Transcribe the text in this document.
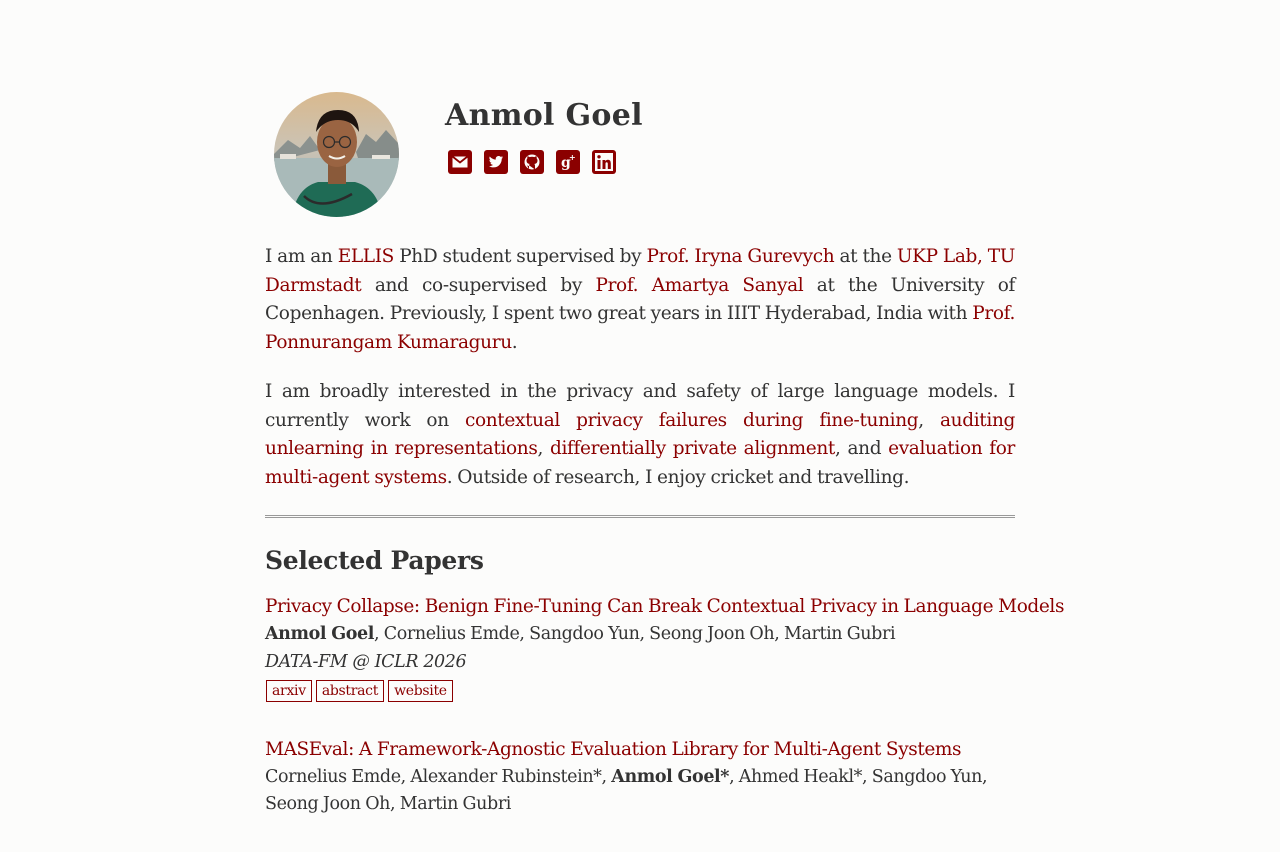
Anmol Goel
g
+

I am an ELLIS PhD student supervised by Prof. Iryna Gurevych at the UKP Lab, TU Darmstadt and co-supervised by Prof. Amartya Sanyal at the University of Copenhagen. Previously, I spent two great years in IIIT Hyderabad, India with Prof. Ponnurangam Kumaraguru.

I am broadly interested in the privacy and safety of large language models. I currently work on contextual privacy failures during fine-tuning, auditing unlearning in representations, differentially private alignment, and evaluation for multi-agent systems. Outside of research, I enjoy cricket and travelling.

Selected Papers
Privacy Collapse: Benign Fine-Tuning Can Break Contextual Privacy in Language Models
Anmol Goel, Cornelius Emde, Sangdoo Yun, Seong Joon Oh, Martin Gubri
DATA-FM @ ICLR 2026
arxiv	abstract	website
MASEval: A Framework-Agnostic Evaluation Library for Multi-Agent Systems
Cornelius Emde, Alexander Rubinstein*, Anmol Goel*, Ahmed Heakl*, Sangdoo Yun, Seong Joon Oh, Martin Gubri
